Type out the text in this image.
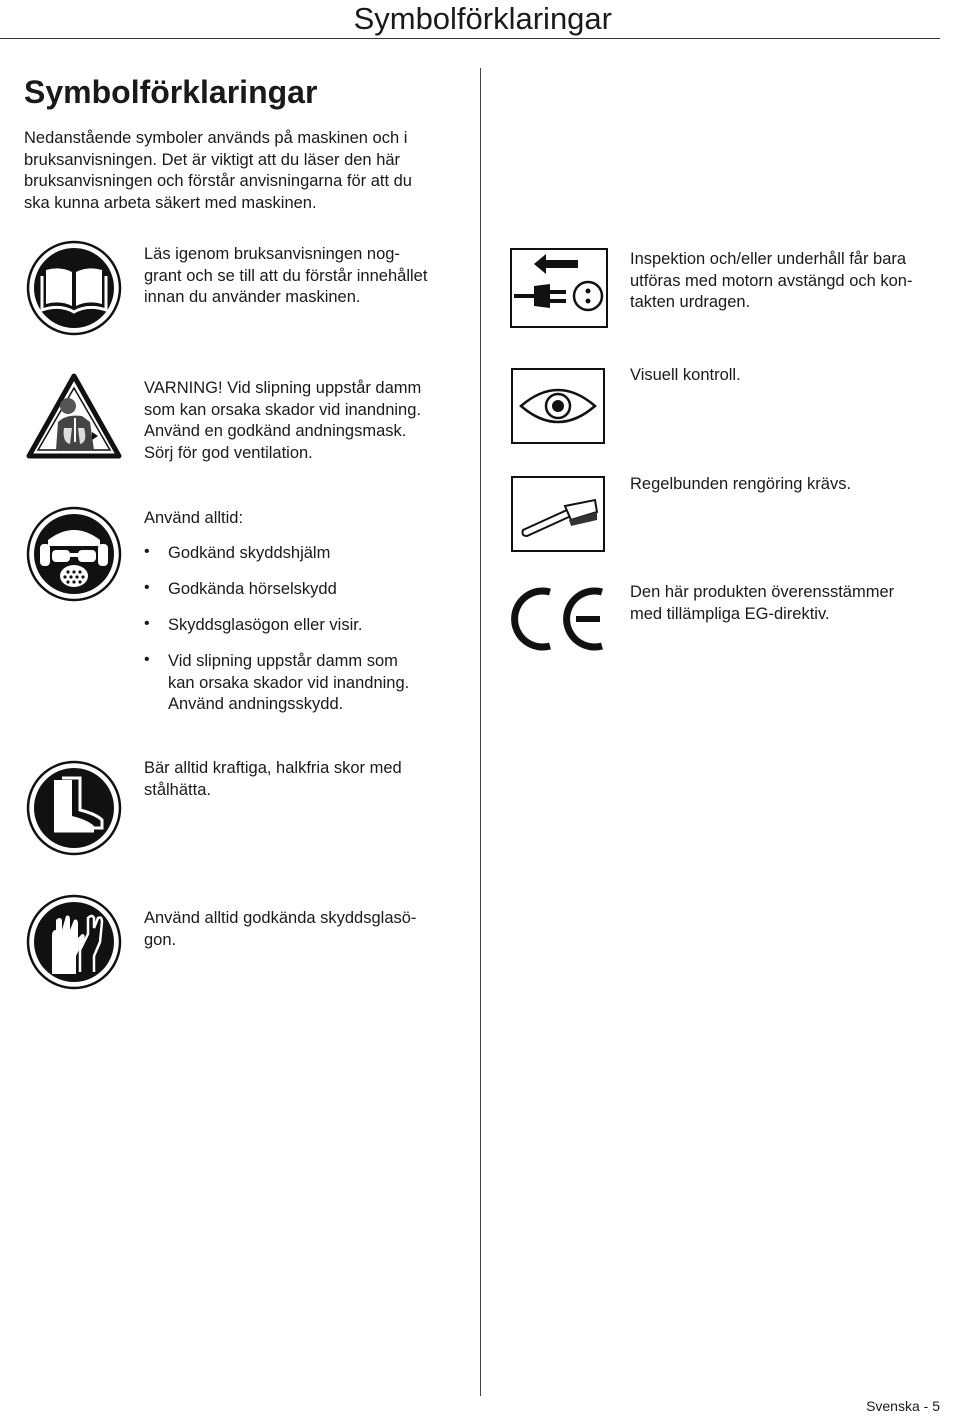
Symbolförklaringar
Symbolförklaringar
Nedanstående symboler används på maskinen och i
bruksanvisningen. Det är viktigt att du läser den här
bruksanvisningen och förstår anvisningarna för att du
ska kunna arbeta säkert med maskinen.
Läs igenom bruksanvisningen nog-
grant och se till att du förstår innehållet
innan du använder maskinen.
VARNING! Vid slipning uppstår damm
som kan orsaka skador vid inandning.
Använd en godkänd andningsmask.
Sörj för god ventilation.
Använd alltid:
• Godkänd skyddshjälm
• Godkända hörselskydd
• Skyddsglasögon eller visir.
• Vid slipning uppstår damm som
kan orsaka skador vid inandning.
Använd andningsskydd.
Bär alltid kraftiga, halkfria skor med
stålhätta.
Använd alltid godkända skyddsglasö-
gon.
Inspektion och/eller underhåll får bara
utföras med motorn avstängd och kon-
takten urdragen.
Visuell kontroll.
Regelbunden rengöring krävs.
Den här produkten överensstämmer
med tillämpliga EG-direktiv.
Svenska - 5
